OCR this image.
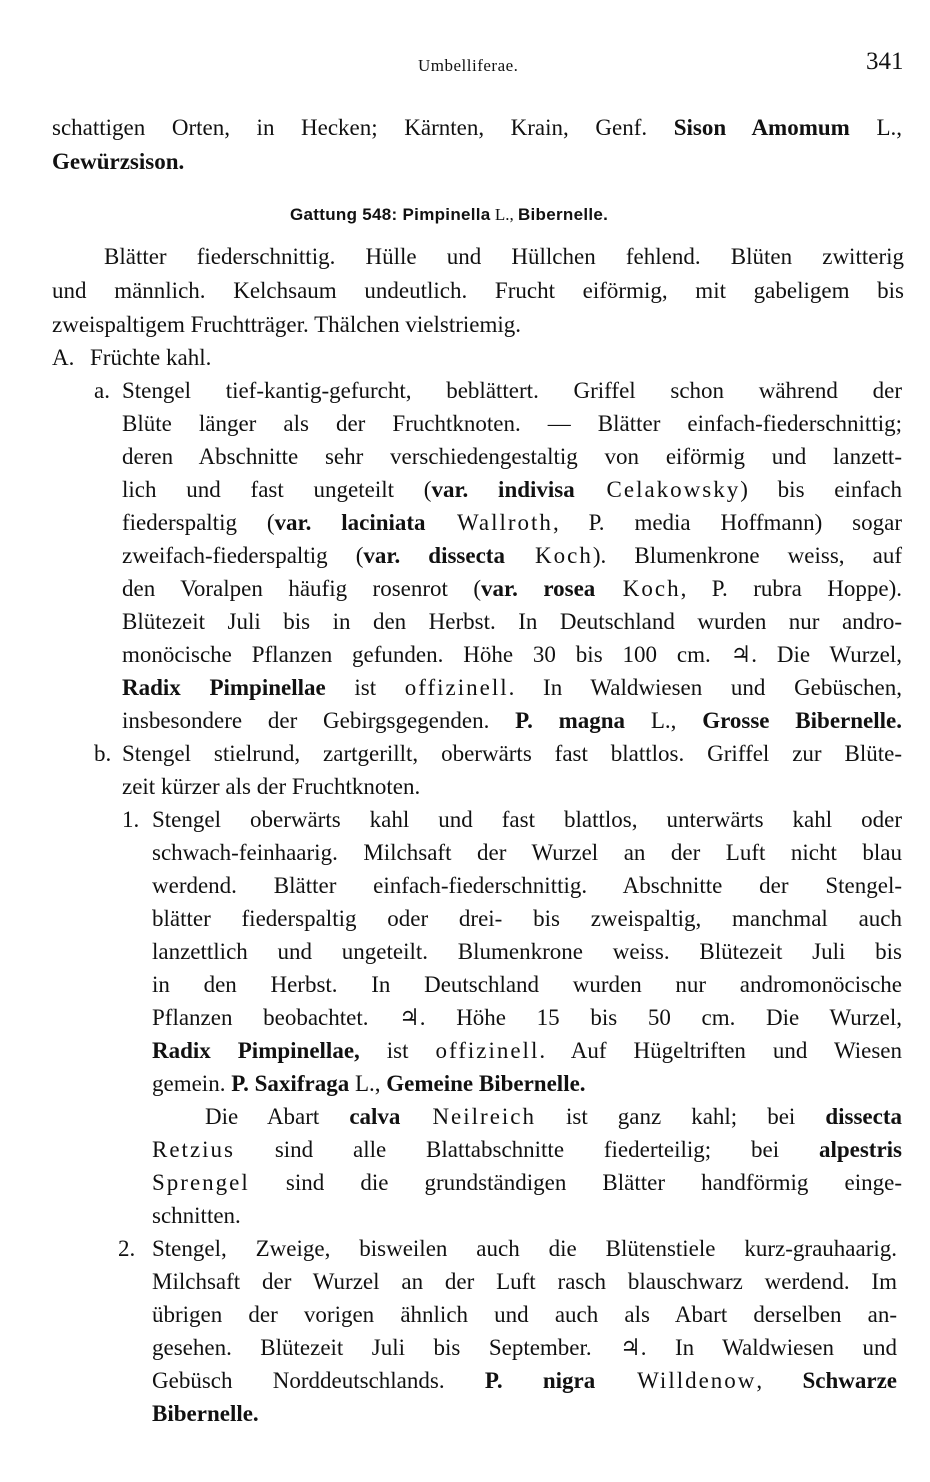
Umbelliferae.	341
schattigen Orten, in Hecken; Kärnten, Krain, Genf. Sison Amomum L.,
Gewürzsison.
Gattung 548: Pimpinella L., Bibernelle.
Blätter fiederschnittig. Hülle und Hüllchen fehlend. Blüten zwitterig
und männlich. Kelchsaum undeutlich. Frucht eiförmig, mit gabeligem bis
zweispaltigem Fruchtträger. Thälchen vielstriemig.
A. Früchte kahl.
a. Stengel tief-kantig-gefurcht, beblättert. Griffel schon während der
Blüte länger als der Fruchtknoten. — Blätter einfach-fiederschnittig;
deren Abschnitte sehr verschiedengestaltig von eiförmig und lanzett-
lich und fast ungeteilt (var. indivisa Celakowsky) bis einfach
fiederspaltig (var. laciniata Wallroth, P. media Hoffmann) sogar
zweifach-fiederspaltig (var. dissecta Koch). Blumenkrone weiss, auf
den Voralpen häufig rosenrot (var. rosea Koch, P. rubra Hoppe).
Blütezeit Juli bis in den Herbst. In Deutschland wurden nur andro-
monöcische Pflanzen gefunden. Höhe 30 bis 100 cm. ♃. Die Wurzel,
Radix Pimpinellae ist offizinell. In Waldwiesen und Gebüschen,
insbesondere der Gebirgsgegenden. P. magna L., Grosse Bibernelle.
b. Stengel stielrund, zartgerillt, oberwärts fast blattlos. Griffel zur Blüte-
zeit kürzer als der Fruchtknoten.
1. Stengel oberwärts kahl und fast blattlos, unterwärts kahl oder
schwach-feinhaarig. Milchsaft der Wurzel an der Luft nicht blau
werdend. Blätter einfach-fiederschnittig. Abschnitte der Stengel-
blätter fiederspaltig oder drei- bis zweispaltig, manchmal auch
lanzettlich und ungeteilt. Blumenkrone weiss. Blütezeit Juli bis
in den Herbst. In Deutschland wurden nur andromonöcische
Pflanzen beobachtet. ♃. Höhe 15 bis 50 cm. Die Wurzel,
Radix Pimpinellae, ist offizinell. Auf Hügeltriften und Wiesen
gemein. P. Saxifraga L., Gemeine Bibernelle.
Die Abart calva Neilreich ist ganz kahl; bei dissecta
Retzius sind alle Blattabschnitte fiederteilig; bei alpestris
Sprengel sind die grundständigen Blätter handförmig einge-
schnitten.
2. Stengel, Zweige, bisweilen auch die Blütenstiele kurz-grauhaarig.
Milchsaft der Wurzel an der Luft rasch blauschwarz werdend. Im
übrigen der vorigen ähnlich und auch als Abart derselben an-
gesehen. Blütezeit Juli bis September. ♃. In Waldwiesen und
Gebüsch Norddeutschlands. P. nigra Willdenow, Schwarze
Bibernelle.
